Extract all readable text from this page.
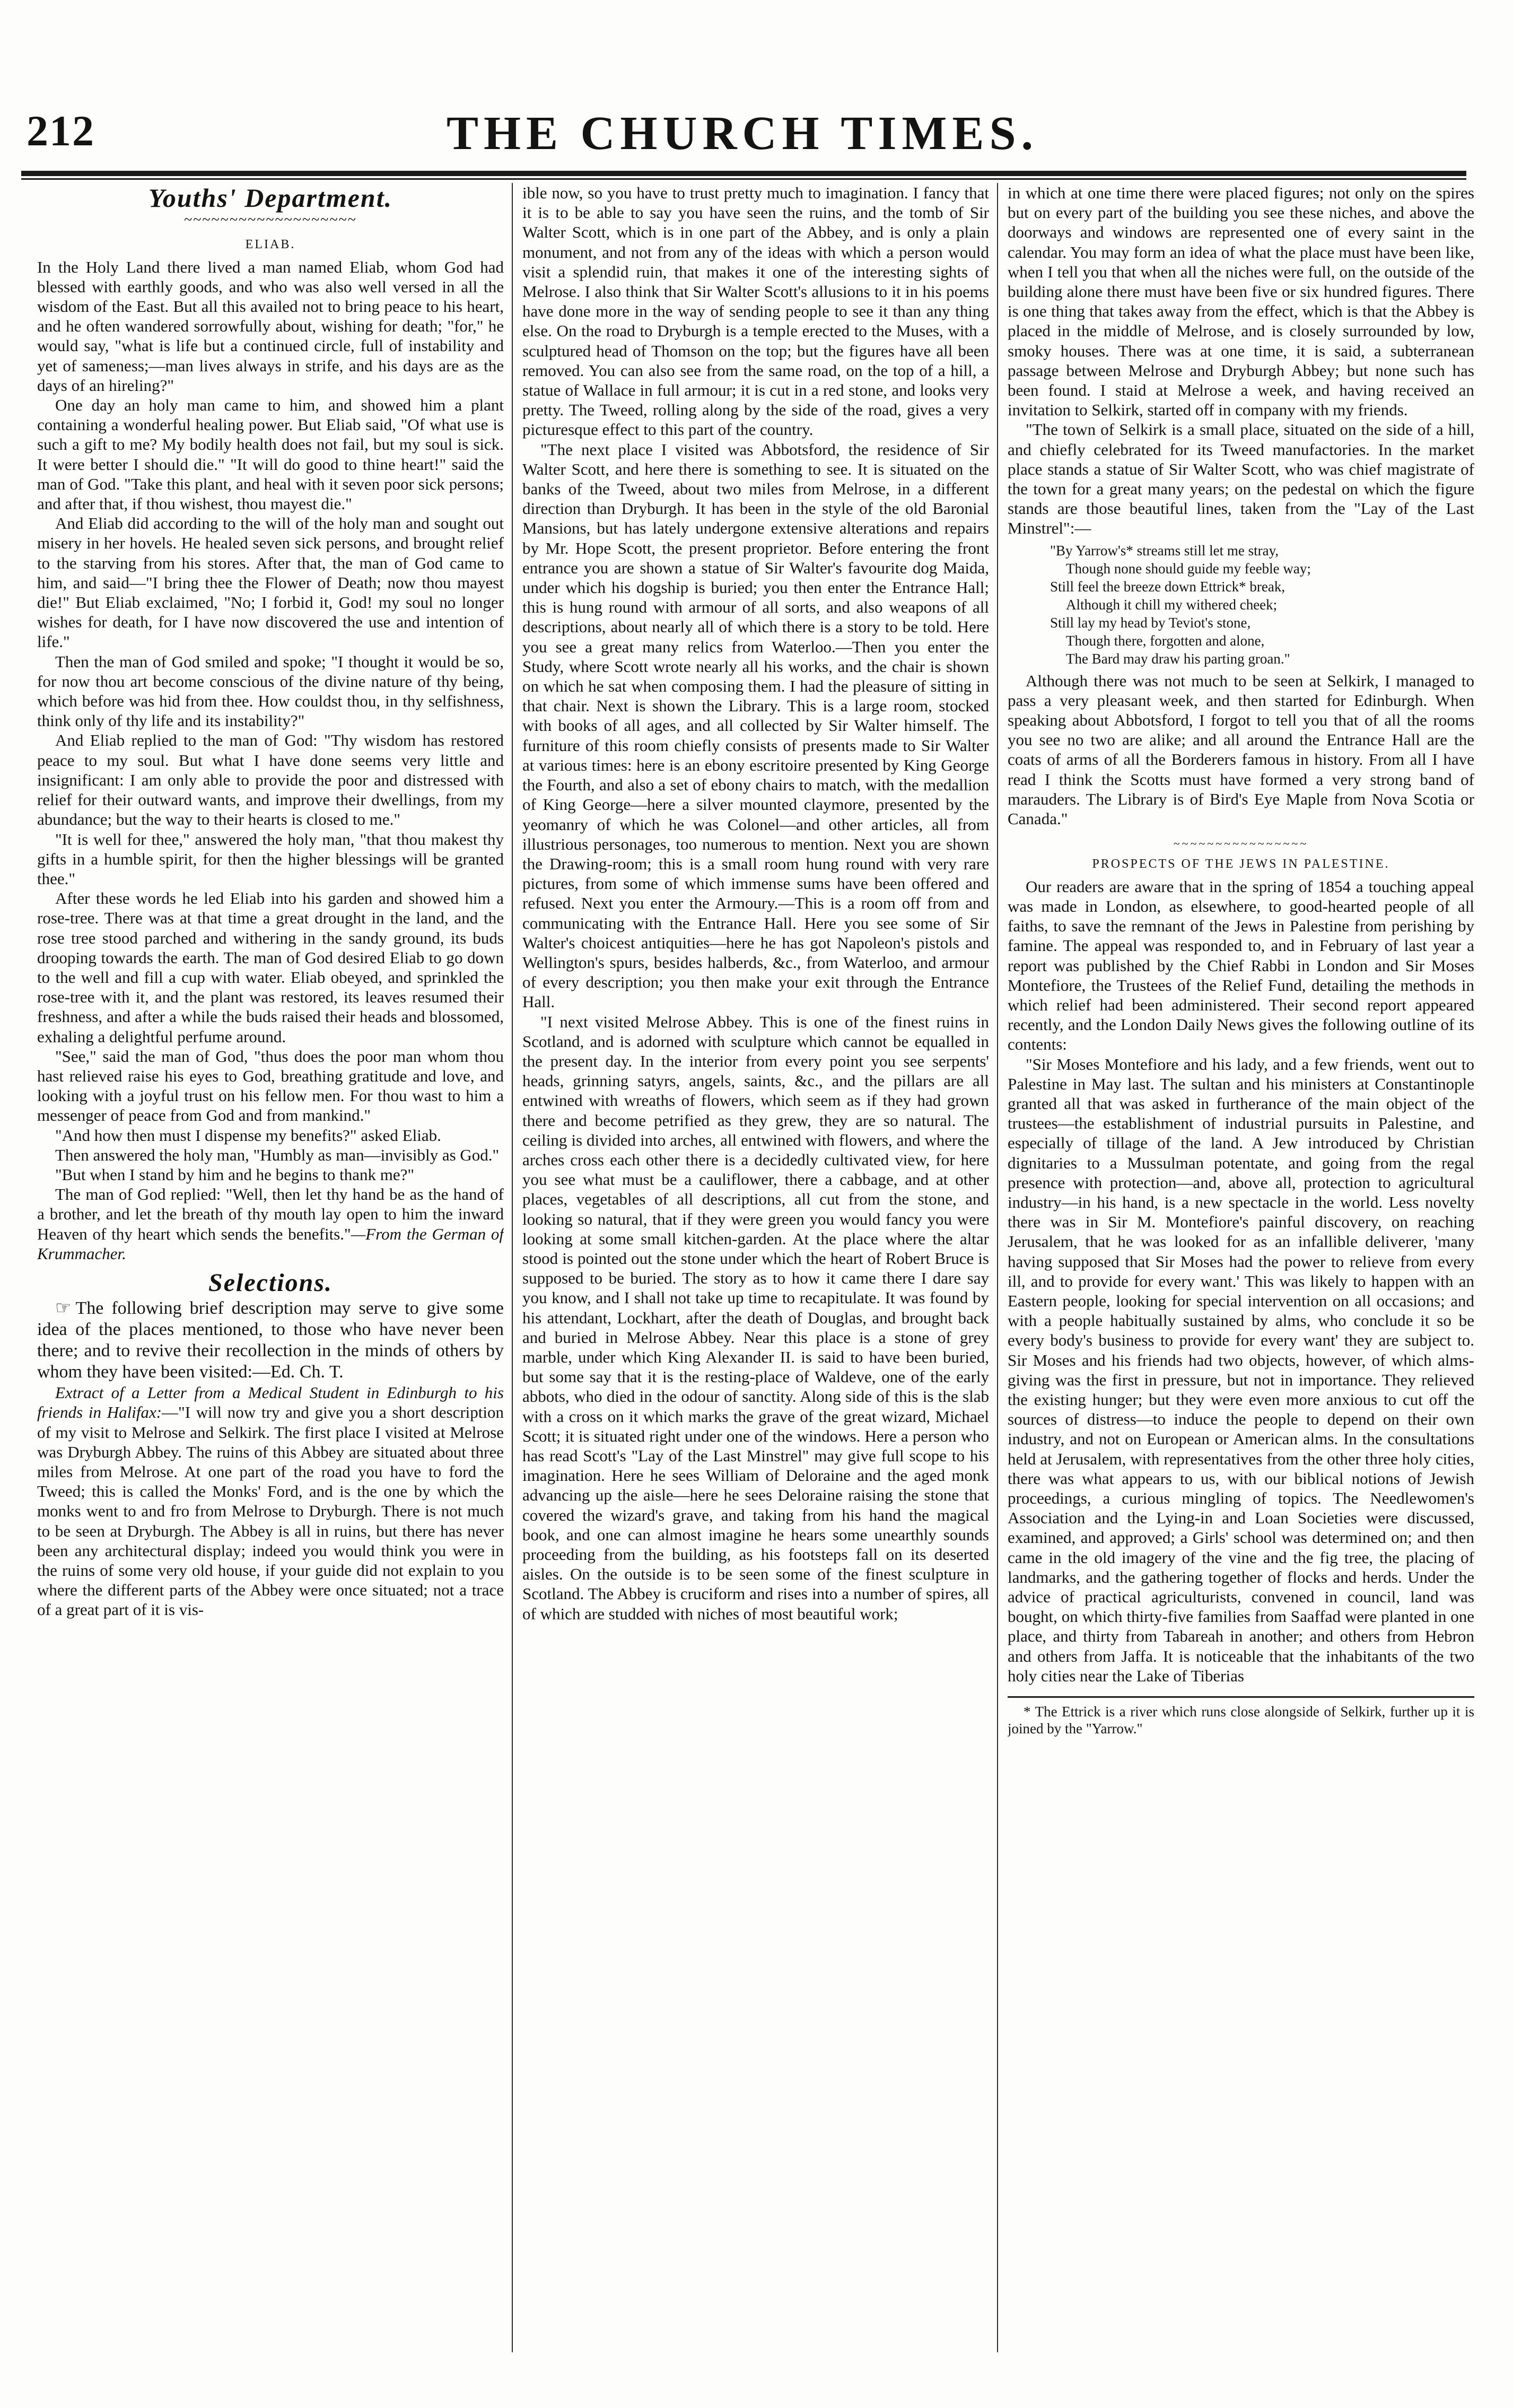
212	THE CHURCH TIMES.

Youths' Department.

~~~~~~~~~~~~~~~~~~~

ELIAB.

In the Holy Land there lived a man named Eliab, whom God had blessed with earthly goods, and who was also well versed in all the wisdom of the East. But all this availed not to bring peace to his heart, and he often wandered sorrowfully about, wishing for death; "for," he would say, "what is life but a continued circle, full of instability and yet of sameness;—man lives always in strife, and his days are as the days of an hireling?"

One day an holy man came to him, and showed him a plant containing a wonderful healing power. But Eliab said, "Of what use is such a gift to me? My bodily health does not fail, but my soul is sick. It were better I should die." "It will do good to thine heart!" said the man of God. "Take this plant, and heal with it seven poor sick persons; and after that, if thou wishest, thou mayest die."

And Eliab did according to the will of the holy man and sought out misery in her hovels. He healed seven sick persons, and brought relief to the starving from his stores. After that, the man of God came to him, and said—"I bring thee the Flower of Death; now thou mayest die!" But Eliab exclaimed, "No; I forbid it, God! my soul no longer wishes for death, for I have now discovered the use and intention of life."

Then the man of God smiled and spoke; "I thought it would be so, for now thou art become conscious of the divine nature of thy being, which before was hid from thee. How couldst thou, in thy selfishness, think only of thy life and its instability?"

And Eliab replied to the man of God: "Thy wisdom has restored peace to my soul. But what I have done seems very little and insignificant: I am only able to provide the poor and distressed with relief for their outward wants, and improve their dwellings, from my abundance; but the way to their hearts is closed to me."

"It is well for thee," answered the holy man, "that thou makest thy gifts in a humble spirit, for then the higher blessings will be granted thee."

After these words he led Eliab into his garden and showed him a rose-tree. There was at that time a great drought in the land, and the rose tree stood parched and withering in the sandy ground, its buds drooping towards the earth. The man of God desired Eliab to go down to the well and fill a cup with water. Eliab obeyed, and sprinkled the rose-tree with it, and the plant was restored, its leaves resumed their freshness, and after a while the buds raised their heads and blossomed, exhaling a delightful perfume around.

"See," said the man of God, "thus does the poor man whom thou hast relieved raise his eyes to God, breathing gratitude and love, and looking with a joyful trust on his fellow men. For thou wast to him a messenger of peace from God and from mankind."

"And how then must I dispense my benefits?" asked Eliab.

Then answered the holy man, "Humbly as man—invisibly as God."

"But when I stand by him and he begins to thank me?"

The man of God replied: "Well, then let thy hand be as the hand of a brother, and let the breath of thy mouth lay open to him the inward Heaven of thy heart which sends the benefits."—From the German of Krummacher.

Selections.

☞ The following brief description may serve to give some idea of the places mentioned, to those who have never been there; and to revive their recollection in the minds of others by whom they have been visited:—Ed. Ch. T.

Extract of a Letter from a Medical Student in Edinburgh to his friends in Halifax:—"I will now try and give you a short description of my visit to Melrose and Selkirk. The first place I visited at Melrose was Dryburgh Abbey. The ruins of this Abbey are situated about three miles from Melrose. At one part of the road you have to ford the Tweed; this is called the Monks' Ford, and is the one by which the monks went to and fro from Melrose to Dryburgh. There is not much to be seen at Dryburgh. The Abbey is all in ruins, but there has never been any architectural display; indeed you would think you were in the ruins of some very old house, if your guide did not explain to you where the different parts of the Abbey were once situated; not a trace of a great part of it is vis-

ible now, so you have to trust pretty much to imagination. I fancy that it is to be able to say you have seen the ruins, and the tomb of Sir Walter Scott, which is in one part of the Abbey, and is only a plain monument, and not from any of the ideas with which a person would visit a splendid ruin, that makes it one of the interesting sights of Melrose. I also think that Sir Walter Scott's allusions to it in his poems have done more in the way of sending people to see it than any thing else. On the road to Dryburgh is a temple erected to the Muses, with a sculptured head of Thomson on the top; but the figures have all been removed. You can also see from the same road, on the top of a hill, a statue of Wallace in full armour; it is cut in a red stone, and looks very pretty. The Tweed, rolling along by the side of the road, gives a very picturesque effect to this part of the country.

"The next place I visited was Abbotsford, the residence of Sir Walter Scott, and here there is something to see. It is situated on the banks of the Tweed, about two miles from Melrose, in a different direction than Dryburgh. It has been in the style of the old Baronial Mansions, but has lately undergone extensive alterations and repairs by Mr. Hope Scott, the present proprietor. Before entering the front entrance you are shown a statue of Sir Walter's favourite dog Maida, under which his dogship is buried; you then enter the Entrance Hall; this is hung round with armour of all sorts, and also weapons of all descriptions, about nearly all of which there is a story to be told. Here you see a great many relics from Waterloo.—Then you enter the Study, where Scott wrote nearly all his works, and the chair is shown on which he sat when composing them. I had the pleasure of sitting in that chair. Next is shown the Library. This is a large room, stocked with books of all ages, and all collected by Sir Walter himself. The furniture of this room chiefly consists of presents made to Sir Walter at various times: here is an ebony escritoire presented by King George the Fourth, and also a set of ebony chairs to match, with the medallion of King George—here a silver mounted claymore, presented by the yeomanry of which he was Colonel—and other articles, all from illustrious personages, too numerous to mention. Next you are shown the Drawing-room; this is a small room hung round with very rare pictures, from some of which immense sums have been offered and refused. Next you enter the Armoury.—This is a room off from and communicating with the Entrance Hall. Here you see some of Sir Walter's choicest antiquities—here he has got Napoleon's pistols and Wellington's spurs, besides halberds, &c., from Waterloo, and armour of every description; you then make your exit through the Entrance Hall.

"I next visited Melrose Abbey. This is one of the finest ruins in Scotland, and is adorned with sculpture which cannot be equalled in the present day. In the interior from every point you see serpents' heads, grinning satyrs, angels, saints, &c., and the pillars are all entwined with wreaths of flowers, which seem as if they had grown there and become petrified as they grew, they are so natural. The ceiling is divided into arches, all entwined with flowers, and where the arches cross each other there is a decidedly cultivated view, for here you see what must be a cauliflower, there a cabbage, and at other places, vegetables of all descriptions, all cut from the stone, and looking so natural, that if they were green you would fancy you were looking at some small kitchen-garden. At the place where the altar stood is pointed out the stone under which the heart of Robert Bruce is supposed to be buried. The story as to how it came there I dare say you know, and I shall not take up time to recapitulate. It was found by his attendant, Lockhart, after the death of Douglas, and brought back and buried in Melrose Abbey. Near this place is a stone of grey marble, under which King Alexander II. is said to have been buried, but some say that it is the resting-place of Waldeve, one of the early abbots, who died in the odour of sanctity. Along side of this is the slab with a cross on it which marks the grave of the great wizard, Michael Scott; it is situated right under one of the windows. Here a person who has read Scott's "Lay of the Last Minstrel" may give full scope to his imagination. Here he sees William of Deloraine and the aged monk advancing up the aisle—here he sees Deloraine raising the stone that covered the wizard's grave, and taking from his hand the magical book, and one can almost imagine he hears some unearthly sounds proceeding from the building, as his footsteps fall on its deserted aisles. On the outside is to be seen some of the finest sculpture in Scotland. The Abbey is cruciform and rises into a number of spires, all of which are studded with niches of most beautiful work;

in which at one time there were placed figures; not only on the spires but on every part of the building you see these niches, and above the doorways and windows are represented one of every saint in the calendar. You may form an idea of what the place must have been like, when I tell you that when all the niches were full, on the outside of the building alone there must have been five or six hundred figures. There is one thing that takes away from the effect, which is that the Abbey is placed in the middle of Melrose, and is closely surrounded by low, smoky houses. There was at one time, it is said, a subterranean passage between Melrose and Dryburgh Abbey; but none such has been found. I staid at Melrose a week, and having received an invitation to Selkirk, started off in company with my friends.

"The town of Selkirk is a small place, situated on the side of a hill, and chiefly celebrated for its Tweed manufactories. In the market place stands a statue of Sir Walter Scott, who was chief magistrate of the town for a great many years; on the pedestal on which the figure stands are those beautiful lines, taken from the "Lay of the Last Minstrel":—

"By Yarrow's* streams still let me stray,
Though none should guide my feeble way;
Still feel the breeze down Ettrick* break,
Although it chill my withered cheek;
Still lay my head by Teviot's stone,
Though there, forgotten and alone,
The Bard may draw his parting groan."

Although there was not much to be seen at Selkirk, I managed to pass a very pleasant week, and then started for Edinburgh. When speaking about Abbotsford, I forgot to tell you that of all the rooms you see no two are alike; and all around the Entrance Hall are the coats of arms of all the Borderers famous in history. From all I have read I think the Scotts must have formed a very strong band of marauders. The Library is of Bird's Eye Maple from Nova Scotia or Canada."

~~~~~~~~~~~~~~~~

PROSPECTS OF THE JEWS IN PALESTINE.

Our readers are aware that in the spring of 1854 a touching appeal was made in London, as elsewhere, to good-hearted people of all faiths, to save the remnant of the Jews in Palestine from perishing by famine. The appeal was responded to, and in February of last year a report was published by the Chief Rabbi in London and Sir Moses Montefiore, the Trustees of the Relief Fund, detailing the methods in which relief had been administered. Their second report appeared recently, and the London Daily News gives the following outline of its contents:

"Sir Moses Montefiore and his lady, and a few friends, went out to Palestine in May last. The sultan and his ministers at Constantinople granted all that was asked in furtherance of the main object of the trustees—the establishment of industrial pursuits in Palestine, and especially of tillage of the land. A Jew introduced by Christian dignitaries to a Mussulman potentate, and going from the regal presence with protection—and, above all, protection to agricultural industry—in his hand, is a new spectacle in the world. Less novelty there was in Sir M. Montefiore's painful discovery, on reaching Jerusalem, that he was looked for as an infallible deliverer, 'many having supposed that Sir Moses had the power to relieve from every ill, and to provide for every want.' This was likely to happen with an Eastern people, looking for special intervention on all occasions; and with a people habitually sustained by alms, who conclude it so be every body's business to provide for every want' they are subject to. Sir Moses and his friends had two objects, however, of which alms-giving was the first in pressure, but not in importance. They relieved the existing hunger; but they were even more anxious to cut off the sources of distress—to induce the people to depend on their own industry, and not on European or American alms. In the consultations held at Jerusalem, with representatives from the other three holy cities, there was what appears to us, with our biblical notions of Jewish proceedings, a curious mingling of topics. The Needlewomen's Association and the Lying-in and Loan Societies were discussed, examined, and approved; a Girls' school was determined on; and then came in the old imagery of the vine and the fig tree, the placing of landmarks, and the gathering together of flocks and herds. Under the advice of practical agriculturists, convened in council, land was bought, on which thirty-five families from Saaffad were planted in one place, and thirty from Tabareah in another; and others from Hebron and others from Jaffa. It is noticeable that the inhabitants of the two holy cities near the Lake of Tiberias

* The Ettrick is a river which runs close alongside of Selkirk, further up it is joined by the "Yarrow."
